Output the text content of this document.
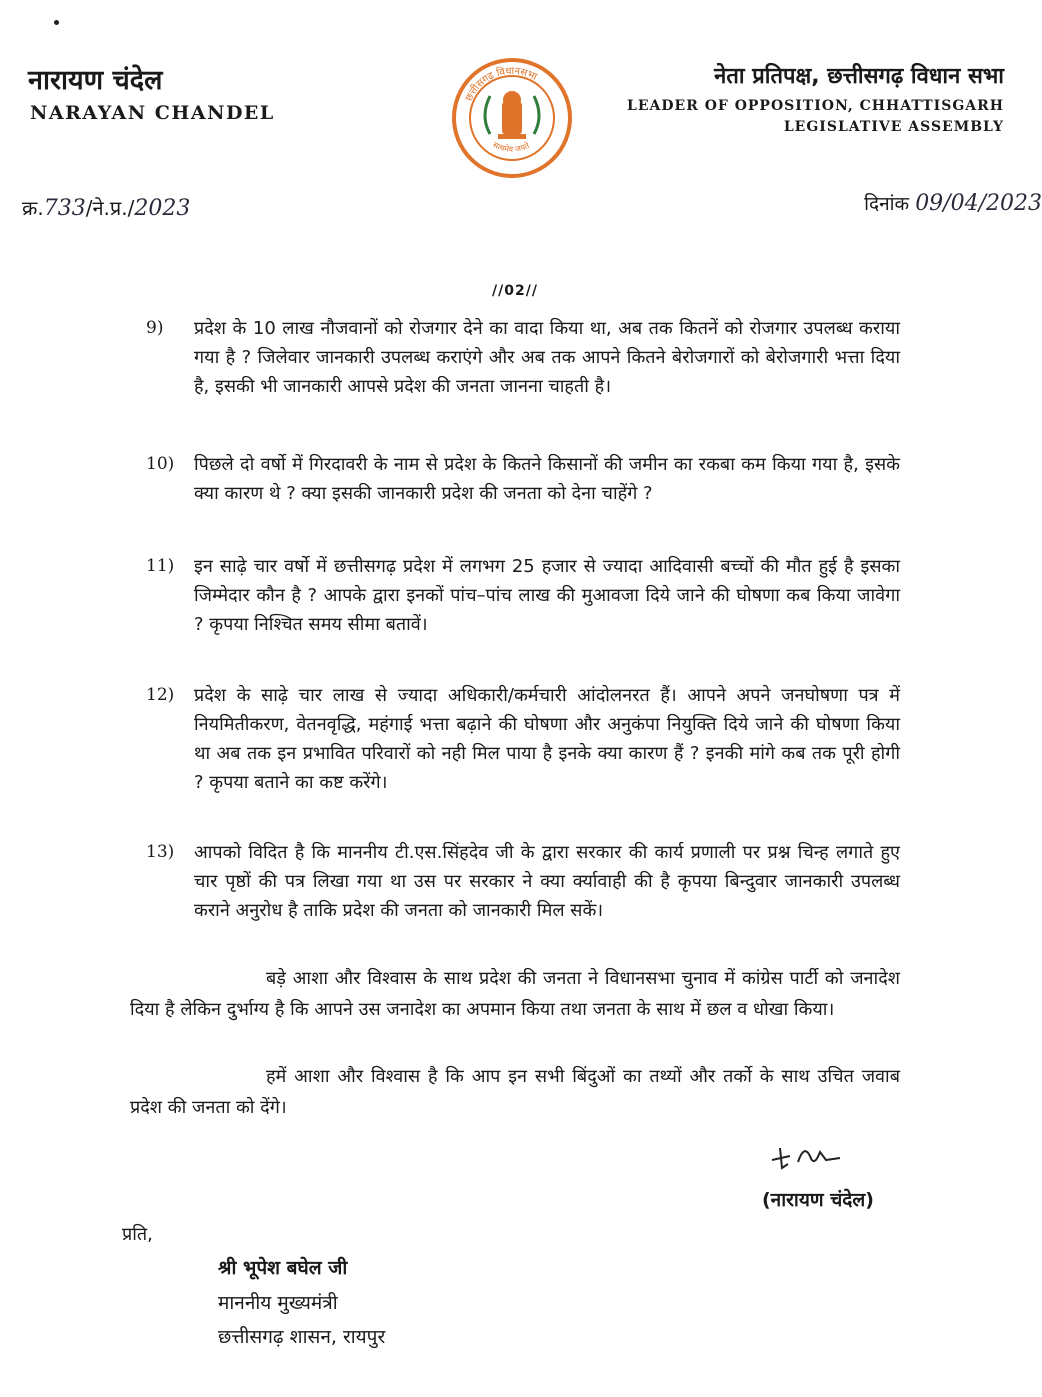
नारायण चंदेल
NARAYAN CHANDEL
छत्तीसगढ़ विधानसभा
सत्यमेव जयते
नेता प्रतिपक्ष, छत्तीसगढ़ विधान सभा
LEADER OF OPPOSITION, CHHATTISGARH
LEGISLATIVE ASSEMBLY
क्र.733/ने.प्र./2023	दिनांक 09/04/2023
//02//
9) प्रदेश के 10 लाख नौजवानों को रोजगार देने का वादा किया था, अब तक कितनें को रोजगार उपलब्ध कराया गया है ? जिलेवार जानकारी उपलब्ध कराएंगे और अब तक आपने कितने बेरोजगारों को बेरोजगारी भत्ता दिया है, इसकी भी जानकारी आपसे प्रदेश की जनता जानना चाहती है।
10) पिछले दो वर्षो में गिरदावरी के नाम से प्रदेश के कितने किसानों की जमीन का रकबा कम किया गया है, इसके क्या कारण थे ? क्या इसकी जानकारी प्रदेश की जनता को देना चाहेंगे ?
11) इन साढ़े चार वर्षो में छत्तीसगढ़ प्रदेश में लगभग 25 हजार से ज्यादा आदिवासी बच्चों की मौत हुई है इसका जिम्मेदार कौन है ? आपके द्वारा इनकों पांच–पांच लाख की मुआवजा दिये जाने की घोषणा कब किया जावेगा ? कृपया निश्चित समय सीमा बतावें।
12) प्रदेश के साढ़े चार लाख से ज्यादा अधिकारी/कर्मचारी आंदोलनरत हैं। आपने अपने जनघोषणा पत्र में नियमितीकरण, वेतनवृद्धि, महंगाई भत्ता बढ़ाने की घोषणा और अनुकंपा नियुक्ति दिये जाने की घोषणा किया था अब तक इन प्रभावित परिवारों को नही मिल पाया है इनके क्या कारण हैं ? इनकी मांगे कब तक पूरी होगी ? कृपया बताने का कष्ट करेंगे।
13) आपको विदित है कि माननीय टी.एस.सिंहदेव जी के द्वारा सरकार की कार्य प्रणाली पर प्रश्न चिन्ह लगाते हुए चार पृष्ठों की पत्र लिखा गया था उस पर सरकार ने क्या र्क्यावाही की है कृपया बिन्दुवार जानकारी उपलब्ध कराने अनुरोध है ताकि प्रदेश की जनता को जानकारी मिल सकें।
बड़े आशा और विश्वास के साथ प्रदेश की जनता ने विधानसभा चुनाव में कांग्रेस पार्टी को जनादेश दिया है लेकिन दुर्भाग्य है कि आपने उस जनादेश का अपमान किया तथा जनता के साथ में छल व धोखा किया।
हमें आशा और विश्वास है कि आप इन सभी बिंदुओं का तथ्यों और तर्को के साथ उचित जवाब प्रदेश की जनता को देंगे।
(नारायण चंदेल)
प्रति,
श्री भूपेश बघेल जी
माननीय मुख्यमंत्री
छत्तीसगढ़ शासन, रायपुर
